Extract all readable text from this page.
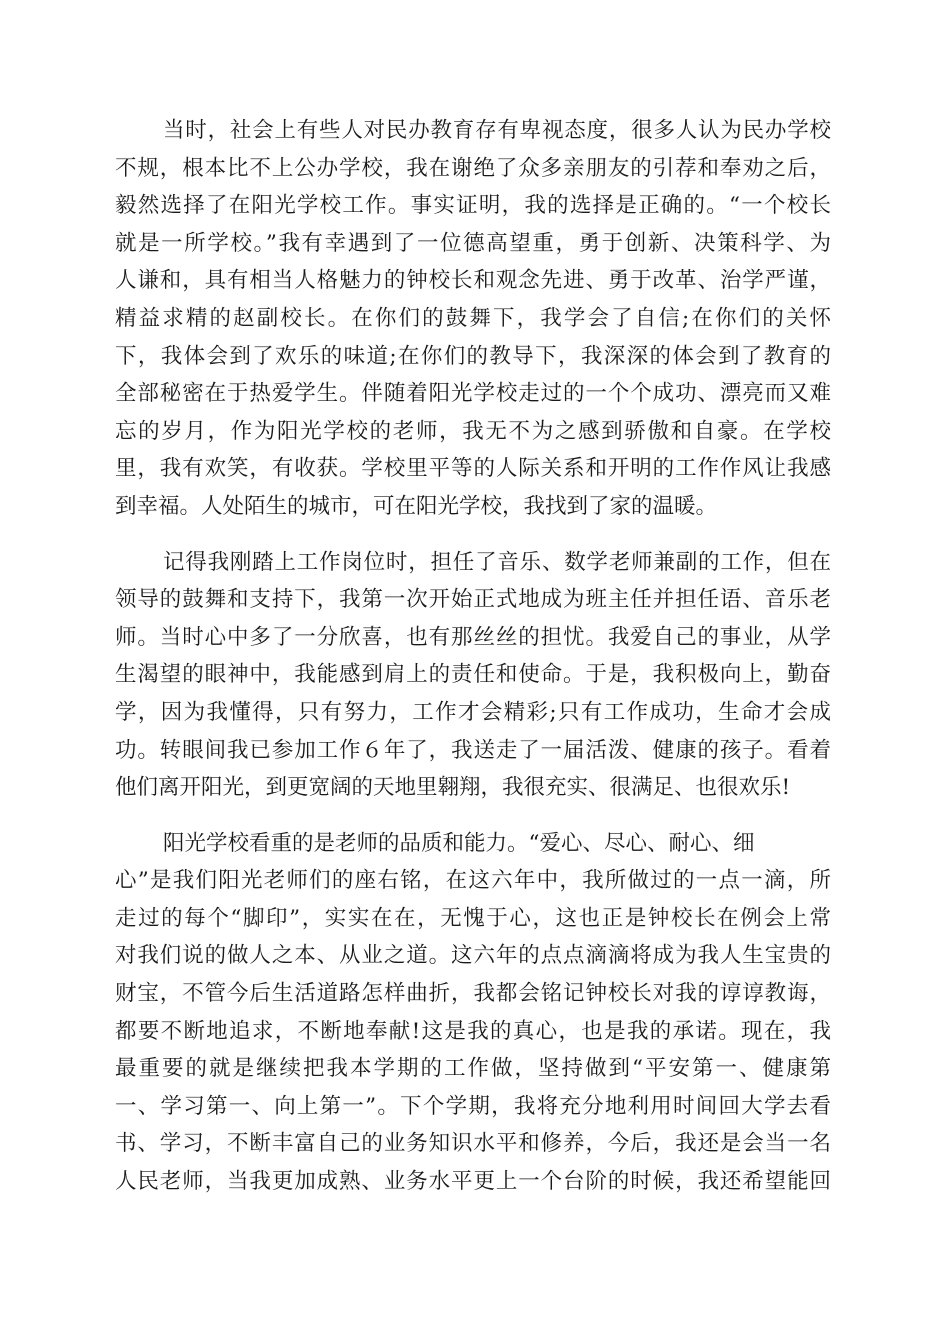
当时，社会上有些人对民办教育存有卑视态度，很多人认为民办学校
不规，根本比不上公办学校，我在谢绝了众多亲朋友的引荐和奉劝之后，
毅然选择了在阳光学校工作。事实证明，我的选择是正确的。“一个校长
就是一所学校。”我有幸遇到了一位德高望重，勇于创新、决策科学、为
人谦和，具有相当人格魅力的钟校长和观念先进、勇于改革、治学严谨，
精益求精的赵副校长。在你们的鼓舞下，我学会了自信;在你们的关怀
下，我体会到了欢乐的味道;在你们的教导下，我深深的体会到了教育的
全部秘密在于热爱学生。伴随着阳光学校走过的一个个成功、漂亮而又难
忘的岁月，作为阳光学校的老师，我无不为之感到骄傲和自豪。在学校
里，我有欢笑，有收获。学校里平等的人际关系和开明的工作作风让我感
到幸福。人处陌生的城市，可在阳光学校，我找到了家的温暖。

记得我刚踏上工作岗位时，担任了音乐、数学老师兼副的工作，但在
领导的鼓舞和支持下，我第一次开始正式地成为班主任并担任语、音乐老
师。当时心中多了一分欣喜，也有那丝丝的担忧。我爱自己的事业，从学
生渴望的眼神中，我能感到肩上的责任和使命。于是，我积极向上，勤奋
学，因为我懂得，只有努力，工作才会精彩;只有工作成功，生命才会成
功。转眼间我已参加工作６年了，我送走了一届活泼、健康的孩子。看着
他们离开阳光，到更宽阔的天地里翱翔，我很充实、很满足、也很欢乐!

阳光学校看重的是老师的品质和能力。“爱心、尽心、耐心、细
心”是我们阳光老师们的座右铭，在这六年中，我所做过的一点一滴，所
走过的每个“脚印”，实实在在，无愧于心，这也正是钟校长在例会上常
对我们说的做人之本、从业之道。这六年的点点滴滴将成为我人生宝贵的
财宝，不管今后生活道路怎样曲折，我都会铭记钟校长对我的谆谆教诲，
都要不断地追求，不断地奉献!这是我的真心，也是我的承诺。现在，我
最重要的就是继续把我本学期的工作做，坚持做到“平安第一、健康第
一、学习第一、向上第一”。下个学期，我将充分地利用时间回大学去看
书、学习，不断丰富自己的业务知识水平和修养，今后，我还是会当一名
人民老师，当我更加成熟、业务水平更上一个台阶的时候，我还希望能回
